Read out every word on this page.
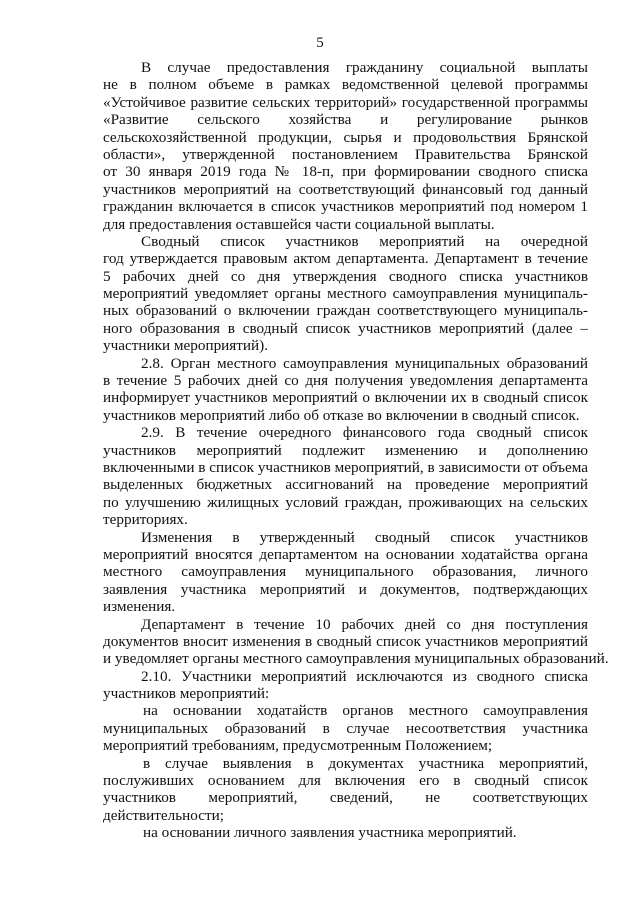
5

В случае предоставления гражданину социальной выплаты
не в полном объеме в рамках ведомственной целевой программы
«Устойчивое развитие сельских территорий» государственной программы
«Развитие сельского хозяйства и регулирование рынков
сельскохозяйственной продукции, сырья и продовольствия Брянской
области», утвержденной постановлением Правительства Брянской
от 30 января 2019 года № 18-п, при формировании сводного списка
участников мероприятий на соответствующий финансовый год данный
гражданин включается в список участников мероприятий под номером 1
для предоставления оставшейся части социальной выплаты.

Сводный список участников мероприятий на очередной
год утверждается правовым актом департамента. Департамент в течение
5 рабочих дней со дня утверждения сводного списка участников
мероприятий уведомляет органы местного самоуправления муниципаль-
ных образований о включении граждан соответствующего муниципаль-
ного образования в сводный список участников мероприятий (далее –
участники мероприятий).

2.8. Орган местного самоуправления муниципальных образований
в течение 5 рабочих дней со дня получения уведомления департамента
информирует участников мероприятий о включении их в сводный список
участников мероприятий либо об отказе во включении в сводный список.

2.9. В течение очередного финансового года сводный список
участников мероприятий подлежит изменению и дополнению
включенными в список участников мероприятий, в зависимости от объема
выделенных бюджетных ассигнований на проведение мероприятий
по улучшению жилищных условий граждан, проживающих на сельских
территориях.

Изменения в утвержденный сводный список участников
мероприятий вносятся департаментом на основании ходатайства органа
местного самоуправления муниципального образования, личного
заявления участника мероприятий и документов, подтверждающих
изменения.

Департамент в течение 10 рабочих дней со дня поступления
документов вносит изменения в сводный список участников мероприятий
и уведомляет органы местного самоуправления муниципальных образований.

2.10. Участники мероприятий исключаются из сводного списка
участников мероприятий:

на основании ходатайств органов местного самоуправления
муниципальных образований в случае несоответствия участника
мероприятий требованиям, предусмотренным Положением;

в случае выявления в документах участника мероприятий,
послуживших основанием для включения его в сводный список
участников мероприятий, сведений, не соответствующих
действительности;

на основании личного заявления участника мероприятий.
